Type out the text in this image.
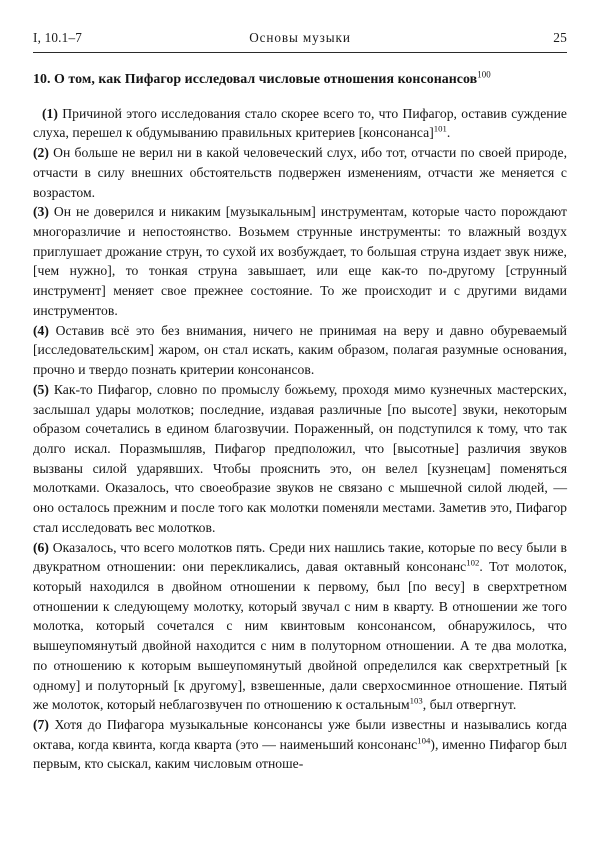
I, 10.1–7	Основы музыки	25
10. О том, как Пифагор исследовал числовые отношения консонансов$^{100}$

(1) Причиной этого исследования стало скорее всего то, что Пифагор, оставив суждение слуха, перешел к обдумыванию правильных критериев [консонанса]$^{101}$.

(2) Он больше не верил ни в какой человеческий слух, ибо тот, отчасти по своей природе, отчасти в силу внешних обстоятельств подвержен изменениям, отчасти же меняется с возрастом.

(3) Он не доверился и никаким [музыкальным] инструментам, которые часто порождают многоразличие и непостоянство. Возьмем струнные инструменты: то влажный воздух приглушает дрожание струн, то сухой их возбуждает, то большая струна издает звук ниже, [чем нужно], то тонкая струна завышает, или еще как-то по-другому [струнный инструмент] меняет свое прежнее состояние. То же происходит и с другими видами инструментов.

(4) Оставив всё это без внимания, ничего не принимая на веру и давно обуреваемый [исследовательским] жаром, он стал искать, каким образом, полагая разумные основания, прочно и твердо познать критерии консонансов.

(5) Как-то Пифагор, словно по промыслу божьему, проходя мимо кузнечных мастерских, заслышал удары молотков; последние, издавая различные [по высоте] звуки, некоторым образом сочетались в едином благозвучии. Пораженный, он подступился к тому, что так долго искал. Поразмышляв, Пифагор предположил, что [высотные] различия звуков вызваны силой ударявших. Чтобы прояснить это, он велел [кузнецам] поменяться молотками. Оказалось, что своеобразие звуков не связано с мышечной силой людей, — оно осталось прежним и после того как молотки поменяли местами. Заметив это, Пифагор стал исследовать вес молотков.

(6) Оказалось, что всего молотков пять. Среди них нашлись такие, которые по весу были в двукратном отношении: они перекликались, давая октавный консонанс$^{102}$. Тот молоток, который находился в двойном отношении к первому, был [по весу] в сверхтретном отношении к следующему молотку, который звучал с ним в кварту. В отношении же того молотка, который сочетался с ним квинтовым консонансом, обнаружилось, что вышеупомянутый двойной находится с ним в полуторном отношении. А те два молотка, по отношению к которым вышеупомянутый двойной определился как сверхтретный [к одному] и полуторный [к другому], взвешенные, дали сверхосминное отношение. Пятый же молоток, который неблагозвучен по отношению к остальным$^{103}$, был отвергнут.

(7) Хотя до Пифагора музыкальные консонансы уже были известны и назывались когда октава, когда квинта, когда кварта (это — наименьший консонанс$^{104}$), именно Пифагор был первым, кто сыскал, каким числовым отноше-
